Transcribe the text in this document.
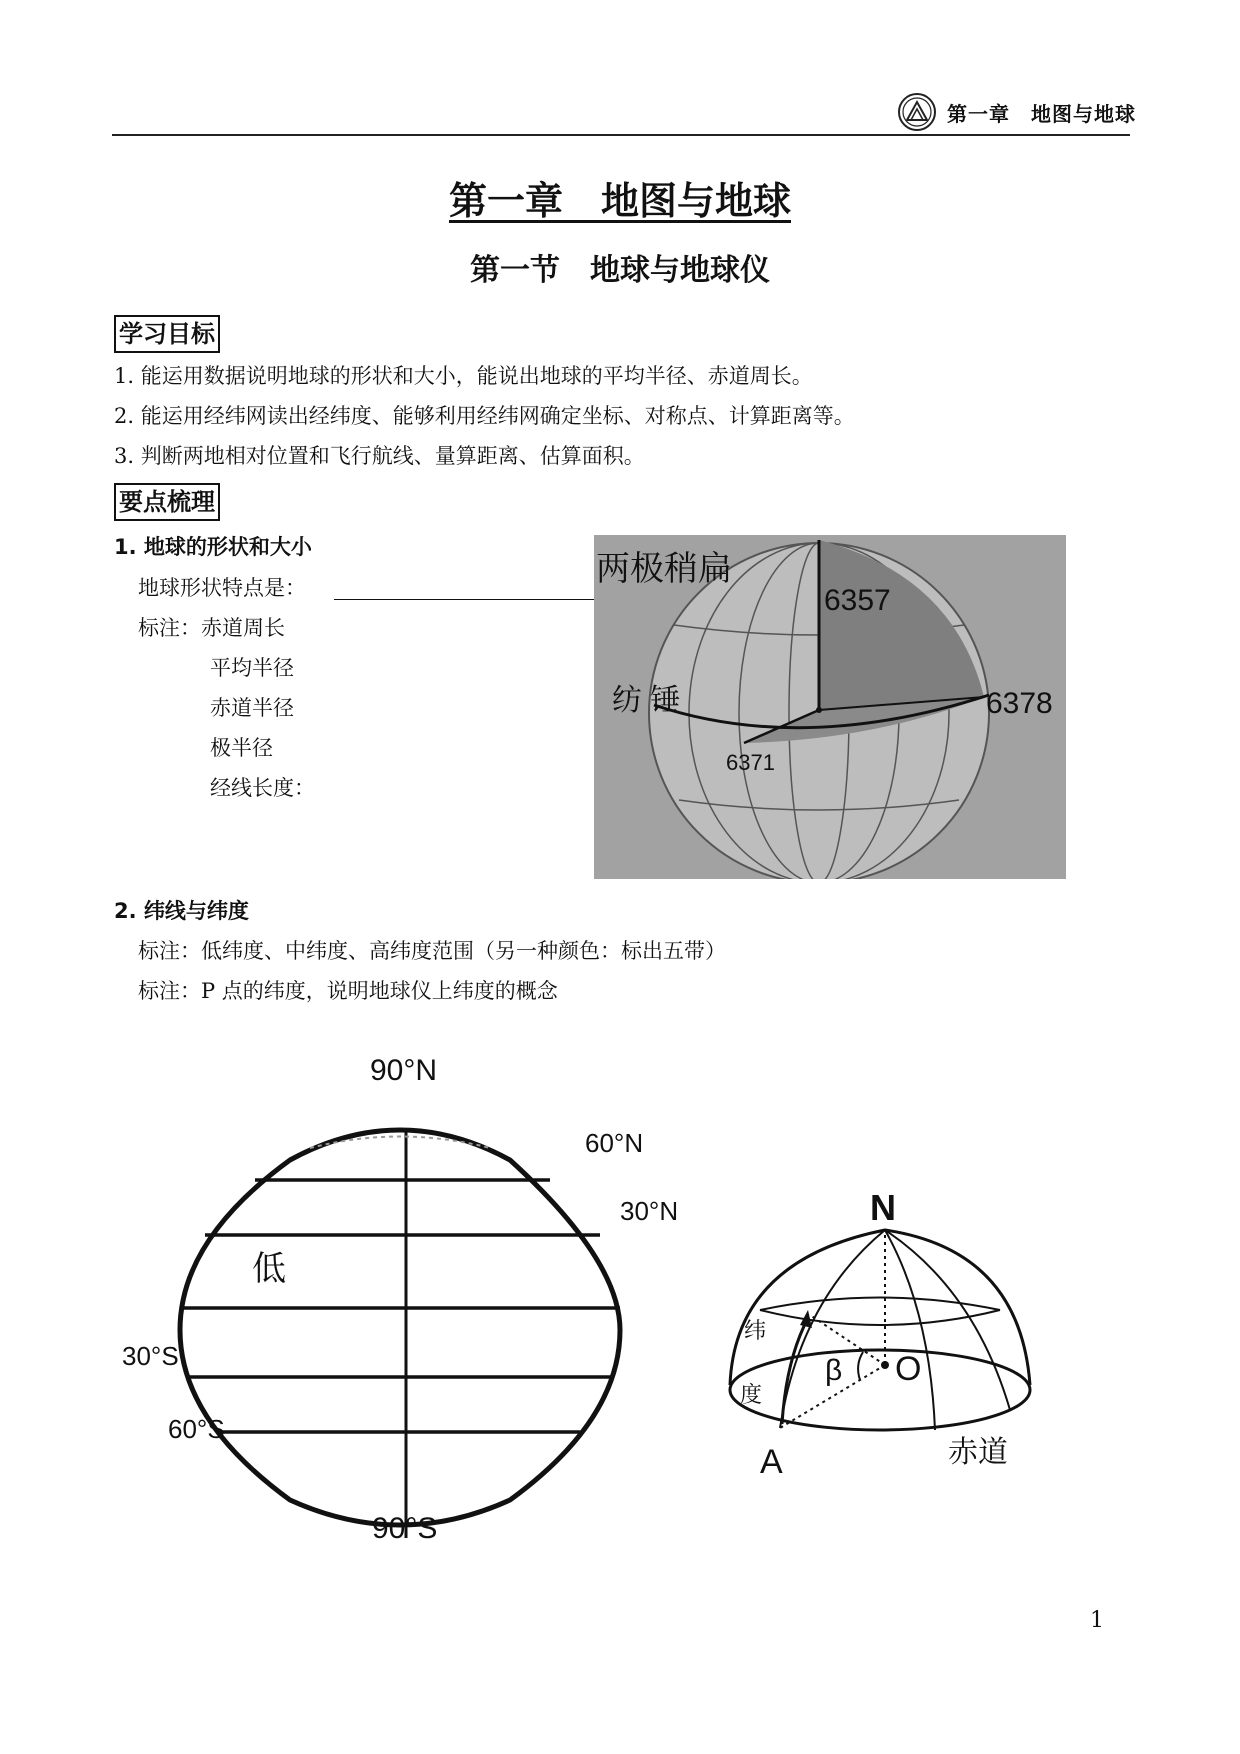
第一章　地图与地球
第一章　地图与地球
第一节　地球与地球仪
学习目标
1. 能运用数据说明地球的形状和大小，能说出地球的平均半径、赤道周长。
2. 能运用经纬网读出经纬度、能够利用经纬网确定坐标、对称点、计算距离等。
3. 判断两地相对位置和飞行航线、量算距离、估算面积。
要点梳理
1. 地球的形状和大小
地球形状特点是：
标注：赤道周长
平均半径
赤道半径
极半径
经线长度：
两极稍扁
6357
6378
6371
纺 锤
2. 纬线与纬度
标注：低纬度、中纬度、高纬度范围（另一种颜色：标出五带）
标注：P 点的纬度，说明地球仪上纬度的概念
90°N
60°N
30°N
30°S
60°S
90°S
低
N
O
β
A	赤道
纬
度
1
